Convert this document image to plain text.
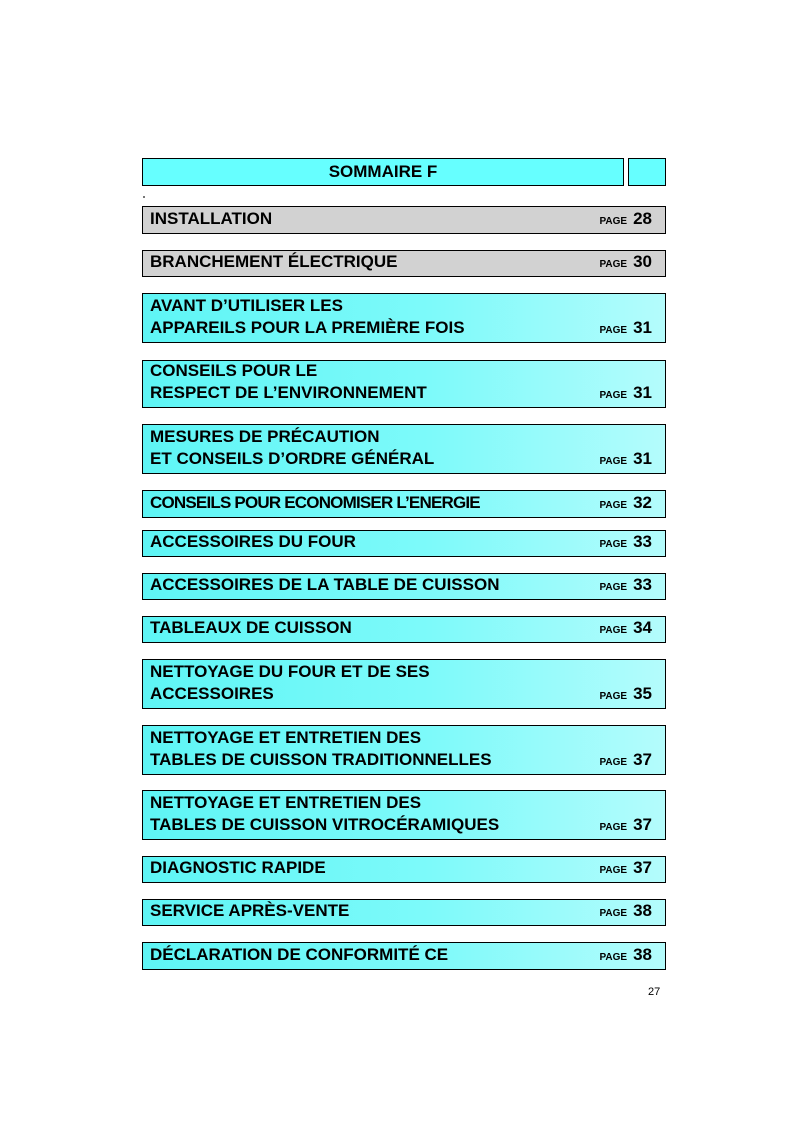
SOMMAIRE F
INSTALLATION	PAGE 28
BRANCHEMENT ÉLECTRIQUE	PAGE 30
AVANT D’UTILISER LES
APPAREILS POUR LA PREMIÈRE FOIS	PAGE 31
CONSEILS POUR LE
RESPECT DE L’ENVIRONNEMENT	PAGE 31
MESURES DE PRÉCAUTION
ET CONSEILS D’ORDRE GÉNÉRAL	PAGE 31
CONSEILS POUR ECONOMISER L’ENERGIE	PAGE 32
ACCESSOIRES DU FOUR	PAGE 33
ACCESSOIRES DE LA TABLE DE CUISSON	PAGE 33
TABLEAUX DE CUISSON	PAGE 34
NETTOYAGE DU FOUR ET DE SES
ACCESSOIRES	PAGE 35
NETTOYAGE ET ENTRETIEN DES
TABLES DE CUISSON TRADITIONNELLES	PAGE 37
NETTOYAGE ET ENTRETIEN DES
TABLES DE CUISSON VITROCÉRAMIQUES	PAGE 37
DIAGNOSTIC RAPIDE	PAGE 37
SERVICE APRÈS-VENTE	PAGE 38
DÉCLARATION DE CONFORMITÉ CE	PAGE 38
27
